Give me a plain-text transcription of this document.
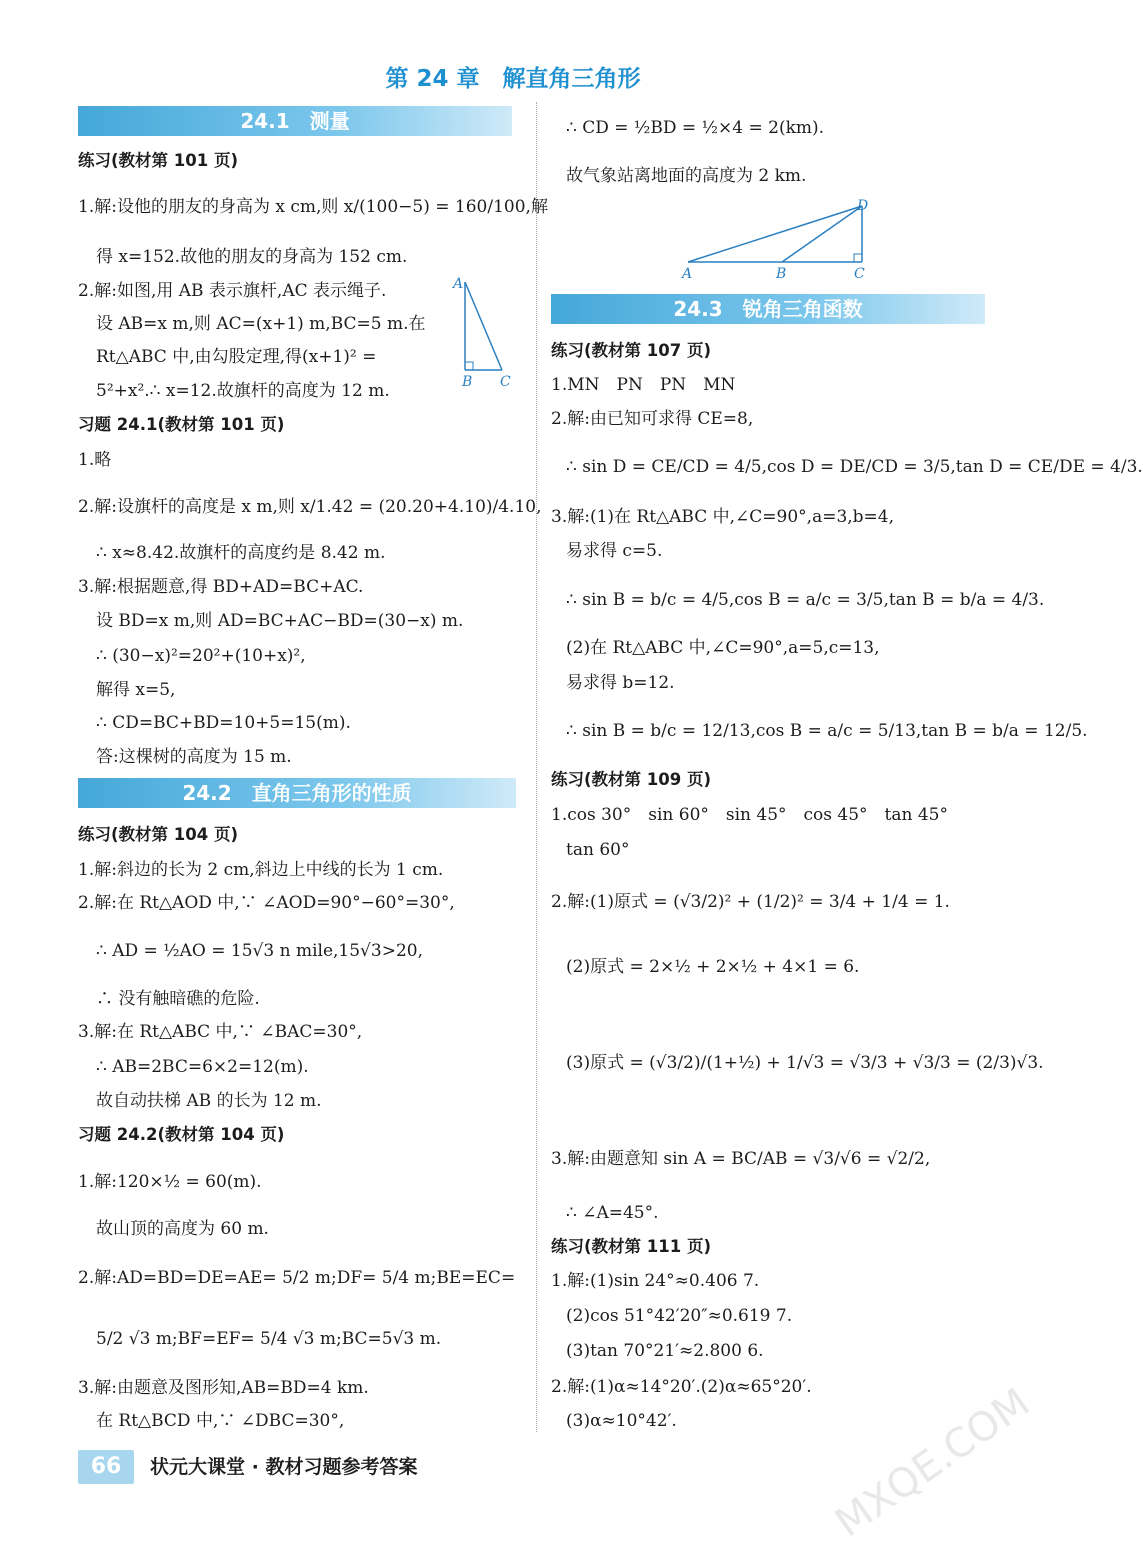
第 24 章　解直角三角形
24.1　测量
练习(教材第 101 页)
1.解:设他的朋友的身高为 x cm,则 x/(100−5) = 160/100,解
得 x=152.故他的朋友的身高为 152 cm.
2.解:如图,用 AB 表示旗杆,AC 表示绳子.
设 AB=x m,则 AC=(x+1) m,BC=5 m.在
Rt△ABC 中,由勾股定理,得(x+1)² =
5²+x².∴ x=12.故旗杆的高度为 12 m.
A
B C
习题 24.1(教材第 101 页)
1.略
2.解:设旗杆的高度是 x m,则 x/1.42 = (20.20+4.10)/4.10,
∴ x≈8.42.故旗杆的高度约是 8.42 m.
3.解:根据题意,得 BD+AD=BC+AC.
设 BD=x m,则 AD=BC+AC−BD=(30−x) m.
∴ (30−x)²=20²+(10+x)²,
解得 x=5,
∴ CD=BC+BD=10+5=15(m).
答:这棵树的高度为 15 m.
24.2　直角三角形的性质
练习(教材第 104 页)
1.解:斜边的长为 2 cm,斜边上中线的长为 1 cm.
2.解:在 Rt△AOD 中,∵ ∠AOD=90°−60°=30°,
∴ AD = ½AO = 15√3 n mile,15√3>20,
∴ 没有触暗礁的危险.
3.解:在 Rt△ABC 中,∵ ∠BAC=30°,
∴ AB=2BC=6×2=12(m).
故自动扶梯 AB 的长为 12 m.
习题 24.2(教材第 104 页)
1.解:120×½ = 60(m).
故山顶的高度为 60 m.
2.解:AD=BD=DE=AE= 5/2 m;DF= 5/4 m;BE=EC=
5/2 √3 m;BF=EF= 5/4 √3 m;BC=5√3 m.
3.解:由题意及图形知,AB=BD=4 km.
在 Rt△BCD 中,∵ ∠DBC=30°,
∴ CD = ½BD = ½×4 = 2(km).
故气象站离地面的高度为 2 km.
D
A	B	C
24.3　锐角三角函数
练习(教材第 107 页)
1.MN　PN　PN　MN
2.解:由已知可求得 CE=8,
∴ sin D = CE/CD = 4/5,cos D = DE/CD = 3/5,tan D = CE/DE = 4/3.
3.解:(1)在 Rt△ABC 中,∠C=90°,a=3,b=4,
易求得 c=5.
∴ sin B = b/c = 4/5,cos B = a/c = 3/5,tan B = b/a = 4/3.
(2)在 Rt△ABC 中,∠C=90°,a=5,c=13,
易求得 b=12.
∴ sin B = b/c = 12/13,cos B = a/c = 5/13,tan B = b/a = 12/5.
练习(教材第 109 页)
1.cos 30°　sin 60°　sin 45°　cos 45°　tan 45°
tan 60°
2.解:(1)原式 = (√3/2)² + (1/2)² = 3/4 + 1/4 = 1.
(2)原式 = 2×½ + 2×½ + 4×1 = 6.
(3)原式 = (√3/2)/(1+½) + 1/√3 = √3/3 + √3/3 = (2/3)√3.
3.解:由题意知 sin A = BC/AB = √3/√6 = √2/2,
∴ ∠A=45°.
练习(教材第 111 页)
1.解:(1)sin 24°≈0.406 7.
(2)cos 51°42′20″≈0.619 7.
(3)tan 70°21′≈2.800 6.
2.解:(1)α≈14°20′.(2)α≈65°20′.
(3)α≈10°42′.	MXQE.COM
66	状元大课堂 · 教材习题参考答案
